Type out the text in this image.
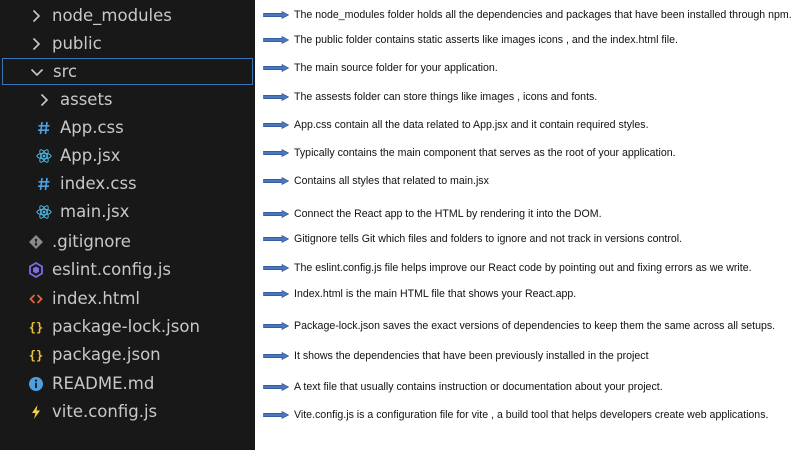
node_modules
public
src
assets
App.css
App.jsx
index.css
main.jsx
.gitignore
eslint.config.js
index.html
{} package-lock.json
{} package.json
README.md
vite.config.js
The node_modules folder holds all the dependencies and packages that have been installed through npm.
The public folder contains static asserts like images icons , and the index.html file.
The main source folder for your application.
The assests folder can store things like images , icons and fonts.
App.css contain all the data related to App.jsx and it contain required styles.
Typically contains the main component that serves as the root of your application.
Contains all styles that related to main.jsx
Connect the React app to the HTML by rendering it into the DOM.
Gitignore tells Git which files and folders to ignore and not track in versions control.
The eslint.config.js file helps improve our React code by pointing out and fixing errors as we write.
Index.html is the main HTML file that shows your React.app.
Package-lock.json saves the exact versions of dependencies to keep them the same across all setups.
It shows the dependencies that have been previously installed in the project
A text file that usually contains instruction or documentation about your project.
Vite.config.js is a configuration file for vite , a build tool that helps developers create web applications.
